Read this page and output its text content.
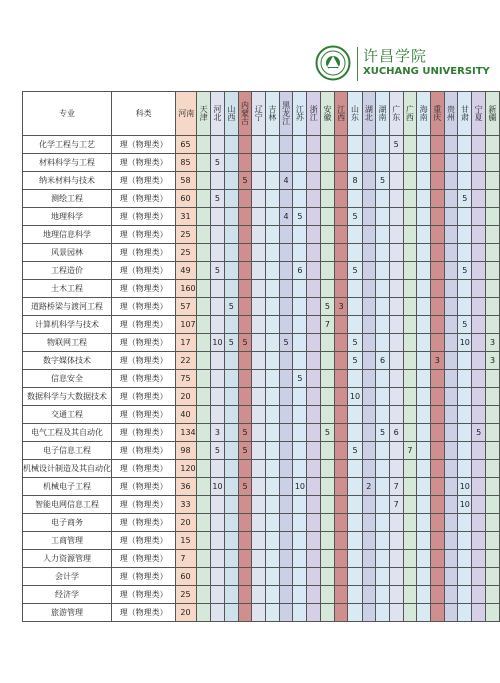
许昌学院
XUCHANG UNIVERSITY
专业	科类	河南	天津	河北	山西	内蒙古	辽宁	吉林	黑龙江	江苏	浙江	安徽	江西	山东	湖北	湖南	广东	广西	海南	重庆	贵州	甘肃	宁夏	新疆

化学工程与工艺	理（物理类）	65															5							
材料科学与工程	理（物理类）	85		5																				
纳米材料与技术	理（物理类）	58				5			4					8		5								
测绘工程	理（物理类）	60		5																		5		
地理科学	理（物理类）	31							4	5				5										
地理信息科学	理（物理类）	25																						
风景园林	理（物理类）	25																						
工程造价	理（物理类）	49		5						6				5								5		
土木工程	理（物理类）	160																						
道路桥梁与渡河工程	理（物理类）	57			5							5	3											
计算机科学与技术	理（物理类）	107										7										5		
物联网工程	理（物理类）	17		10	5	5			5					5								10		3
数字媒体技术	理（物理类）	22												5		6				3				3
信息安全	理（物理类）	75								5														
数据科学与大数据技术	理（物理类）	20												10										
交通工程	理（物理类）	40																						
电气工程及其自动化	理（物理类）	134		3		5						5				5	6						5	
电子信息工程	理（物理类）	98		5		5								5				7						
机械设计制造及其自动化	理（物理类）	120																						
机械电子工程	理（物理类）	36		10		5				10					2		7					10		
智能电网信息工程	理（物理类）	33															7					10		
电子商务	理（物理类）	20																						
工商管理	理（物理类）	15																						
人力资源管理	理（物理类）	7																						
会计学	理（物理类）	60																						
经济学	理（物理类）	25																						
旅游管理	理（物理类）	20																						
